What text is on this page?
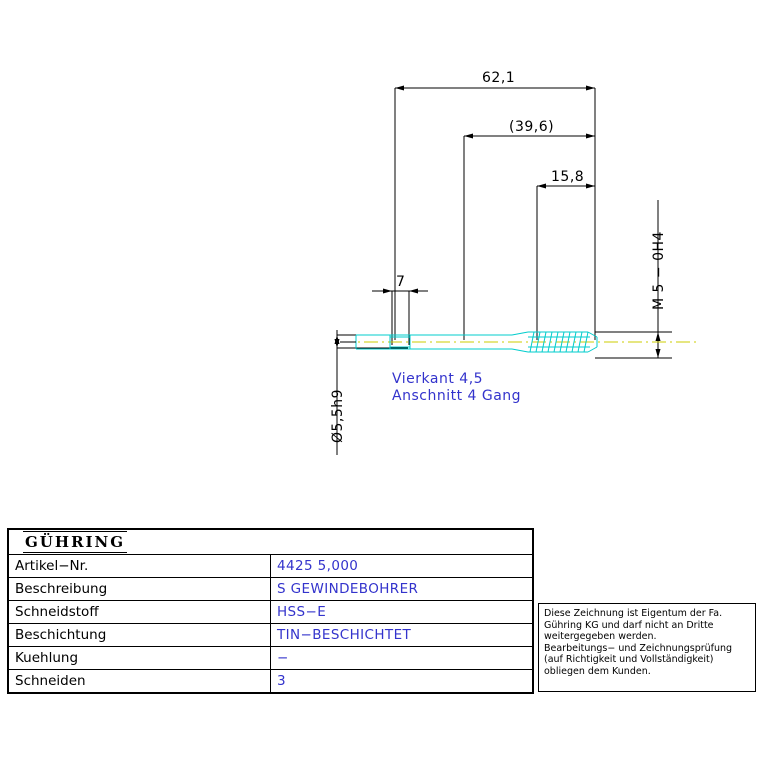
62,1
(39,6)
15,8
7
Ø5,5h9
M 5 − 0H4
Vierkant 4,5
Anschnitt 4 Gang
GÜHRING	
Artikel−Nr.	4425 5,000
Beschreibung	S GEWINDEBOHRER
Schneidstoff	HSS−E
Beschichtung	TIN−BESCHICHTET
Kuehlung	−
Schneiden	3
Diese Zeichnung ist Eigentum der Fa.
Gühring KG und darf nicht an Dritte
weitergegeben werden.
Bearbeitungs− und Zeichnungsprüfung
(auf Richtigkeit und Vollständigkeit)
obliegen dem Kunden.
